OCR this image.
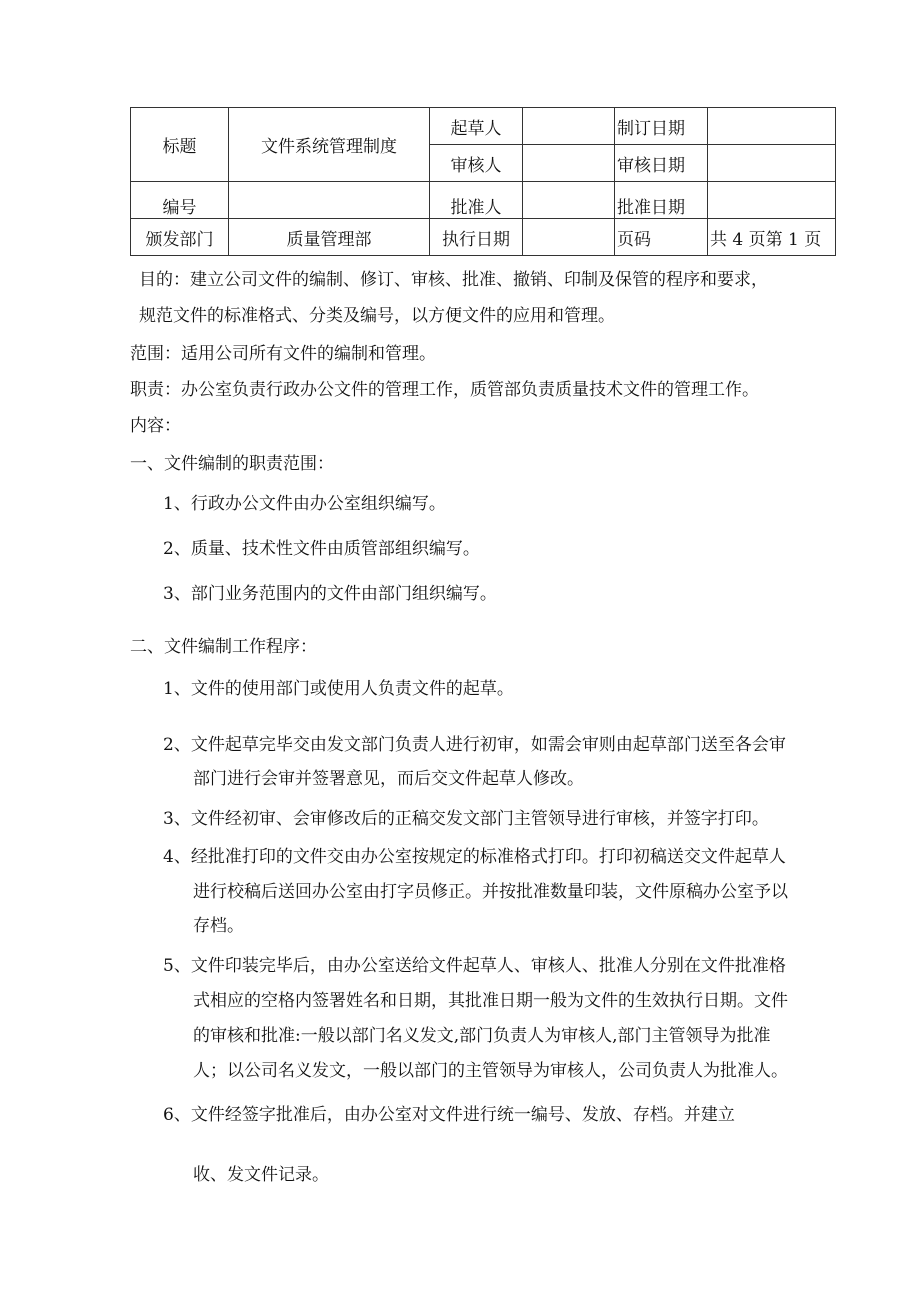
标题	文件系统管理制度	起草人		制订日期	
		审核人		审核日期	
编号		批准人		批准日期	
颁发部门	质量管理部	执行日期		页码	共 4 页第 1 页
目的：建立公司文件的编制、修订、审核、批准、撤销、印制及保管的程序和要求，
规范文件的标准格式、分类及编号，以方便文件的应用和管理。
范围：适用公司所有文件的编制和管理。
职责：办公室负责行政办公文件的管理工作，质管部负责质量技术文件的管理工作。
内容：
一、文件编制的职责范围：
1、行政办公文件由办公室组织编写。
2、质量、技术性文件由质管部组织编写。
3、部门业务范围内的文件由部门组织编写。
二、文件编制工作程序：
1、文件的使用部门或使用人负责文件的起草。
2、文件起草完毕交由发文部门负责人进行初审，如需会审则由起草部门送至各会审
部门进行会审并签署意见，而后交文件起草人修改。
3、文件经初审、会审修改后的正稿交发文部门主管领导进行审核，并签字打印。
4、经批准打印的文件交由办公室按规定的标准格式打印。打印初稿送交文件起草人
进行校稿后送回办公室由打字员修正。并按批准数量印装，文件原稿办公室予以
存档。
5、文件印装完毕后，由办公室送给文件起草人、审核人、批准人分别在文件批准格
式相应的空格内签署姓名和日期，其批准日期一般为文件的生效执行日期。文件
的审核和批准:一般以部门名义发文,部门负责人为审核人,部门主管领导为批准
人；以公司名义发文，一般以部门的主管领导为审核人，公司负责人为批准人。
6、文件经签字批准后，由办公室对文件进行统一编号、发放、存档。并建立
收、发文件记录。
